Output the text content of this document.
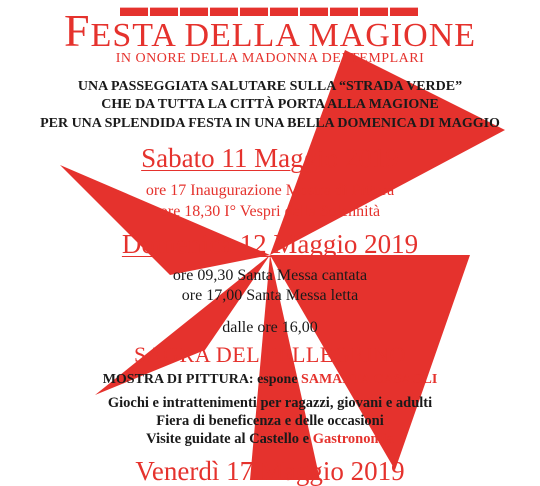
▬▬▬▬▬▬▬▬▬▬
FESTA DELLA MAGIONE
IN ONORE DELLA MADONNA DEI TEMPLARI
UNA PASSEGGIATA SALUTARE SULLA “STRADA VERDE”
CHE DA TUTTA LA CITTÀ PORTA ALLA MAGIONE
PER UNA SPLENDIDA FESTA IN UNA BELLA DOMENICA DI MAGGIO
Sabato 11 Maggio 2019
ore 17 Inaugurazione Mostra di Pittura
ore 18,30 I° Vespri della Solennità
Domenica 12 Maggio 2019
ore 09,30 Santa Messa cantata
ore 17,00 Santa Messa letta
dalle ore 16,00
SAGRA DEL PELLEGRINO
MOSTRA DI PITTURA: espone SAMANTA CASAGLI
Giochi e intrattenimenti per ragazzi, giovani e adulti
Fiera di beneficenza e delle occasioni
Visite guidate al Castello e Gastronomia
Venerdì 17 Maggio 2019
